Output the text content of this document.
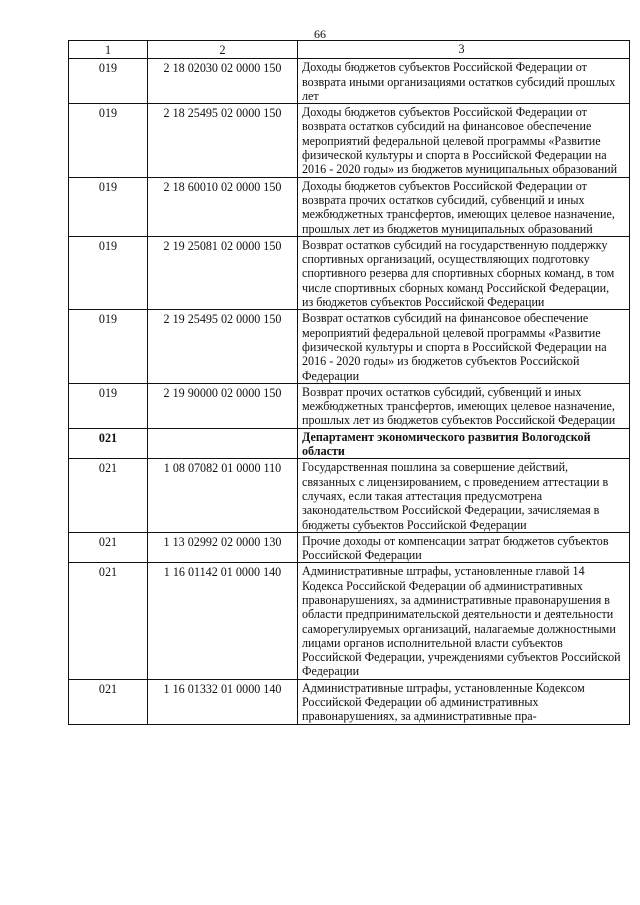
66
1	2	3
019	2 18 02030 02 0000 150	Доходы бюджетов субъектов Российской Федерации от возврата иными организациями остатков субсидий прошлых лет
019	2 18 25495 02 0000 150	Доходы бюджетов субъектов Российской Федерации от возврата остатков субсидий на финансовое обеспечение мероприятий федеральной целевой программы «Развитие физической культуры и спорта в Российской Федерации на 2016 - 2020 годы» из бюджетов муниципальных образований
019	2 18 60010 02 0000 150	Доходы бюджетов субъектов Российской Федерации от возврата прочих остатков субсидий, субвенций и иных межбюджетных трансфертов, имеющих целевое назначение, прошлых лет из бюджетов муниципальных образований
019	2 19 25081 02 0000 150	Возврат остатков субсидий на государственную поддержку спортивных организаций, осуществляющих подготовку спортивного резерва для спортивных сборных команд, в том числе спортивных сборных команд Российской Федерации, из бюджетов субъектов Российской Федерации
019	2 19 25495 02 0000 150	Возврат остатков субсидий на финансовое обеспечение мероприятий федеральной целевой программы «Развитие физической культуры и спорта в Российской Федерации на 2016 - 2020 годы» из бюджетов субъектов Российской Федерации
019	2 19 90000 02 0000 150	Возврат прочих остатков субсидий, субвенций и иных межбюджетных трансфертов, имеющих целевое назначение, прошлых лет из бюджетов субъектов Российской Федерации
021		Департамент экономического развития Вологодской области
021	1 08 07082 01 0000 110	Государственная пошлина за совершение действий, связанных с лицензированием, с проведением аттестации в случаях, если такая аттестация предусмотрена законодательством Российской Федерации, зачисляемая в бюджеты субъектов Российской Федерации
021	1 13 02992 02 0000 130	Прочие доходы от компенсации затрат бюджетов субъектов Российской Федерации
021	1 16 01142 01 0000 140	Административные штрафы, установленные главой 14 Кодекса Российской Федерации об административных правонарушениях, за административные правонарушения в области предпринимательской деятельности и деятельности саморегулируемых организаций, налагаемые должностными лицами органов исполнительной власти субъектов Российской Федерации, учреждениями субъектов Российской Федерации
021	1 16 01332 01 0000 140	Административные штрафы, установленные Кодексом Российской Федерации об административных правонарушениях, за административные пра-
